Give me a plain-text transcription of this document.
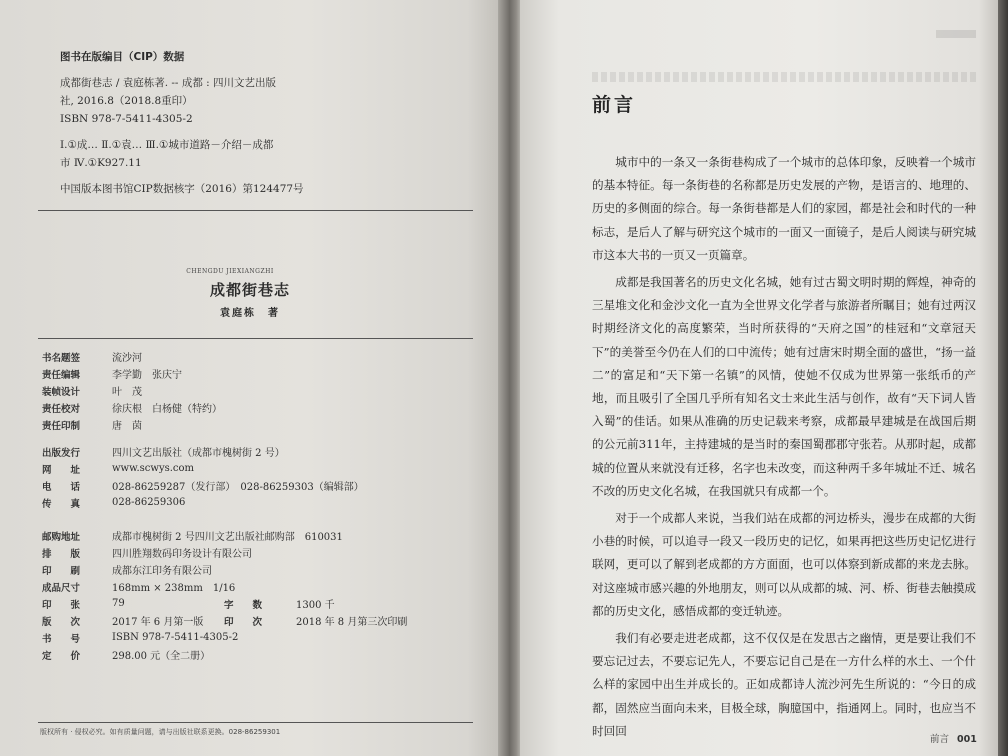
图书在版编目（CIP）数据
成都街巷志 / 袁庭栋著. -- 成都 : 四川文艺出版
社, 2016.8（2018.8重印）
ISBN 978-7-5411-4305-2
Ⅰ.①成… Ⅱ.①袁… Ⅲ.①城市道路－介绍－成都
市 Ⅳ.①K927.11
中国版本图书馆CIP数据核字（2016）第124477号
CHENGDU JIEXIANGZHI
成都街巷志
袁庭栋　著
书名题签	流沙河
责任编辑	李学勤　张庆宁
装帧设计	叶　茂
责任校对	徐庆根　白杨健（特约）
责任印制	唐　茵
出版发行	四川文艺出版社（成都市槐树街 2 号）
网　　址	www.scwys.com
电　　话	028-86259287（发行部）　028-86259303（编辑部）
传　　真	028-86259306
邮购地址	成都市槐树街 2 号四川文艺出版社邮购部　610031
排　　版	四川胜翔数码印务设计有限公司
印　　刷	成都东江印务有限公司
成品尺寸	168mm × 238mm　1/16
印　　张	79	字　　数	1300 千
版　　次	2017 年 6 月第一版	印　　次	2018 年 8 月第三次印刷
书　　号	ISBN 978-7-5411-4305-2
定　　价	298.00 元（全二册）
版权所有 · 侵权必究。如有质量问题，请与出版社联系更换。028-86259301
前言

城市中的一条又一条街巷构成了一个城市的总体印象，反映着一个城市的基本特征。每一条街巷的名称都是历史发展的产物，是语言的、地理的、历史的多侧面的综合。每一条街巷都是人们的家园，都是社会和时代的一种标志，是后人了解与研究这个城市的一面又一面镜子，是后人阅读与研究城市这本大书的一页又一页篇章。

成都是我国著名的历史文化名城，她有过古蜀文明时期的辉煌，神奇的三星堆文化和金沙文化一直为全世界文化学者与旅游者所瞩目；她有过两汉时期经济文化的高度繁荣，当时所获得的“天府之国”的桂冠和“文章冠天下”的美誉至今仍在人们的口中流传；她有过唐宋时期全面的盛世，“扬一益二”的富足和“天下第一名镇”的风情，使她不仅成为世界第一张纸币的产地，而且吸引了全国几乎所有知名文士来此生活与创作，故有“天下词人皆入蜀”的佳话。如果从准确的历史记载来考察，成都最早建城是在战国后期的公元前311年，主持建城的是当时的秦国蜀郡郡守张若。从那时起，成都城的位置从来就没有迁移，名字也未改变，而这种两千多年城址不迁、城名不改的历史文化名城，在我国就只有成都一个。

对于一个成都人来说，当我们站在成都的河边桥头，漫步在成都的大街小巷的时候，可以追寻一段又一段历史的记忆，如果再把这些历史记忆进行联网，更可以了解到老成都的方方面面，也可以体察到新成都的来龙去脉。对这座城市感兴趣的外地朋友，则可以从成都的城、河、桥、街巷去触摸成都的历史文化，感悟成都的变迁轨迹。

我们有必要走进老成都，这不仅仅是在发思古之幽情，更是要让我们不要忘记过去，不要忘记先人，不要忘记自己是在一方什么样的水土、一个什么样的家园中出生并成长的。正如成都诗人流沙河先生所说的：“今日的成都，固然应当面向未来，目极全球，胸臆国中，指通网上。同时，也应当不时回回

前言 001
